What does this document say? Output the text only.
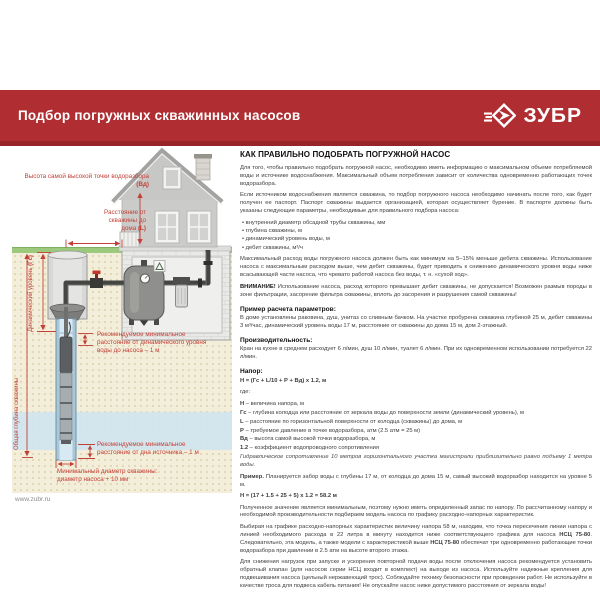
Подбор погружных скважинных насосов	ЗУБР
Высота самой высокой точки водоразбора (Вд)
Расстояние от скважины до дома (L)
Динамический уровень (Гс)
Общая глубина скважины
Рекомендуемое минимальное расстояние от динамического уровня воды до насоса – 1 м
Рекомендуемое минимальное расстояние от дна источника – 1 м
Минимальный диаметр скважины: диаметр насоса + 10 мм
КАК ПРАВИЛЬНО ПОДОБРАТЬ ПОГРУЖНОЙ НАСОС

Для того, чтобы правильно подобрать погружной насос, необходимо иметь информацию о максимальном объеме потребляемой воды и источнике водоснабжения. Максимальный объем потребления зависит от количества одновременно работающих точек водоразбора.

Если источником водоснабжения является скважина, то подбор погружного насоса необходимо начинать после того, как будет получен ее паспорт. Паспорт скважины выдается организацией, которая осуществляет бурение. В паспорте должны быть указаны следующие параметры, необходимые для правильного подбора насоса:

• внутренний диаметр обсадной трубы скважины, мм
• глубина скважины, м
• динамический уровень воды, м
• дебит скважины, м³/ч

Максимальный расход воды погружного насоса должен быть как минимум на 5–15% меньше дебита скважины. Использование насоса с максимальным расходом выше, чем дебит скважины, будет приводить к снижению динамического уровня воды ниже всасывающей части насоса, что чревато работой насоса без воды, т. н. «сухой ход».

ВНИМАНИЕ! Использование насоса, расход которого превышает дебит скважины, не допускается! Возможен размыв породы в зоне фильтрации, засорение фильтра скважины, вплоть до засорения и разрушения самой скважины!

Пример расчета параметров:

В доме установлены раковина, душ, унитаз со сливным бачком. На участке пробурена скважина глубиной 25 м, дебит скважины 3 м³/час, динамический уровень воды 17 м, расстояние от скважины до дома 15 м, дом 2-этажный.

Производительность:

Кран на кухне в среднем расходует 6 л/мин, душ 10 л/мин, туалет 6 л/мин. При их одновременном использовании потребуется 22 л/мин.

Напор:

Н = (Гс + L/10 + Р + Вд) х 1.2, м

где:

Н – величина напора, м

Гс – глубина колодца или расстояние от зеркала воды до поверхности земли (динамический уровень), м

L – расстояние по горизонтальной поверхности от колодца (скважины) до дома, м

Р – требуемое давление в точке водоразбора, атм (2.5 атм = 25 м)

Вд – высота самой высокой точки водоразбора, м

1.2 – коэффициент водопроводного сопротивления

Гидравлическое сопротивление 10 метров горизонтального участка магистрали приблизительно равно подъему 1 метра воды.

Пример. Планируется забор воды с глубины 17 м, от колодца до дома 15 м, самый высокий водоразбор находится на уровне 5 м.

Н = (17 + 1.5 + 25 + 5) х 1.2 = 58.2 м

Полученное значение является минимальным, поэтому нужно иметь определенный запас по напору. По рассчитанному напору и необходимой производительности подбираем модель насоса по графику расходно-напорных характеристик.

Выбирая на графике расходно-напорных характеристик величину напора 58 м, находим, что точка пересечения линии напора с линией необходимого расхода в 22 литра в минуту находится ниже соответствующего графика для насоса НСЦ 75-80. Следовательно, эта модель, а также модели с характеристикой выше НСЦ 75-80 обеспечат три одновременно работающие точки водоразбора при давлении в 2.5 атм на высоте второго этажа.

Для снижения нагрузок при запуске и ускорения повторной подачи воды после отключения насоса рекомендуется установить обратный клапан (для насосов серии НСЦ входит в комплект) на выходе из насоса. Используйте надежные крепления для подвешивания насоса (цельный нержавеющий трос). Соблюдайте технику безопасности при проведении работ. Не используйте в качестве троса для подвеса кабель питания! Не опускайте насос ниже допустимого расстояния от зеркала воды!

www.zubr.ru
